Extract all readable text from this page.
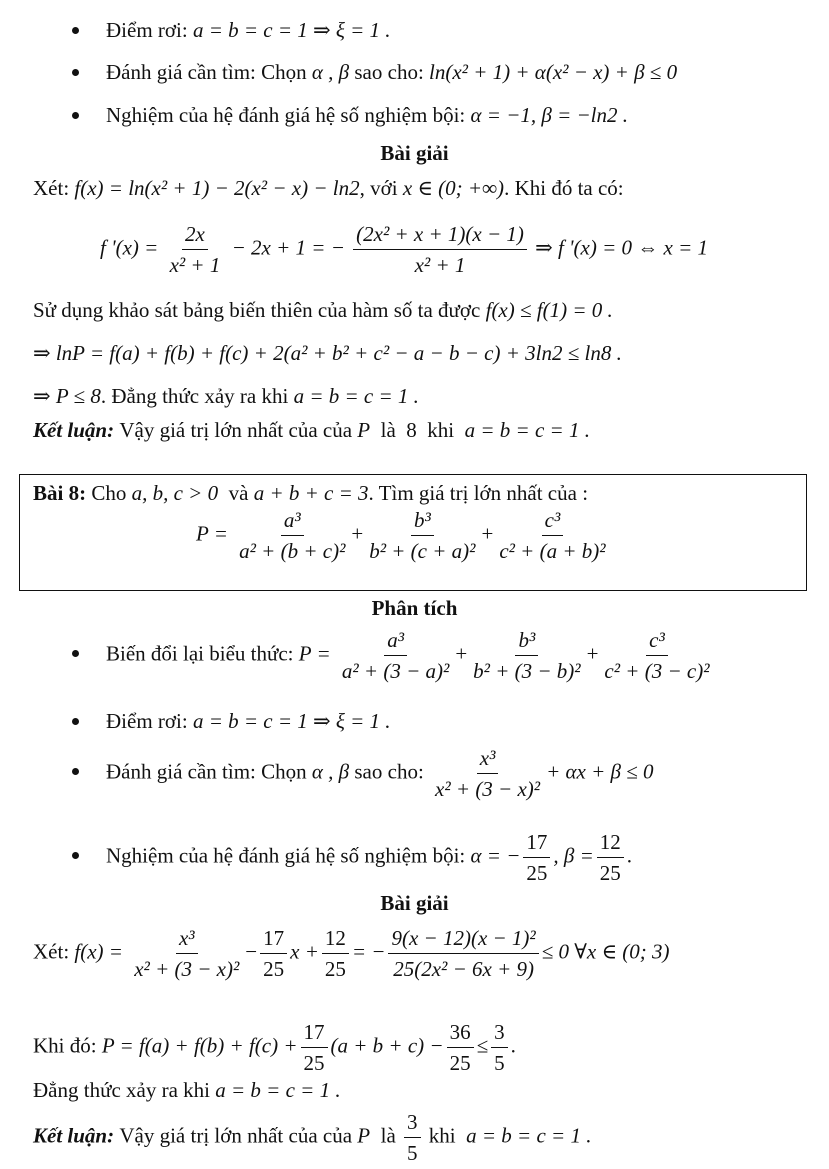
Điểm rơi: a = b = c = 1 ⇒ ξ = 1 .
Đánh giá cần tìm: Chọn α , β sao cho: ln(x² + 1) + α(x² − x) + β ≤ 0
Nghiệm của hệ đánh giá hệ số nghiệm bội: α = −1, β = −ln2 .
Bài giải
Xét: f(x) = ln(x² + 1) − 2(x² − x) − ln2, với x ∈ (0; +∞). Khi đó ta có:
f '$(x) = \frac{2x}{\text{x² + 1}} - 2x + 1$ = − $\frac{\text{(2x² + x + 1)(x − 1)}}{\text{x² + 1}}$ ⇒ f '(x) = 0 ⇔ x = 1
Sử dụng khảo sát bảng biến thiên của hàm số ta được f(x) ≤ f(1) = 0 .
⇒ lnP = f(a) + f(b) + f(c) + 2(a² + b² + c² − a − b − c) + 3ln2 ≤ ln8 .
⇒ P ≤ 8. Đẳng thức xảy ra khi a = b = c = 1 .
Kết luận: Vậy giá trị lớn nhất của của P là 8 khi a = b = c = 1 .
Bài 8: Cho a, b, c > 0 và a + b + c = 3. Tìm giá trị lớn nhất của :
$P = \frac{\text{a³}}{\text{a² + (b + c)²}} + \frac{\text{b³}}{\text{b² + (c + a)²}} + \frac{\text{c³}}{\text{c² + (a + b)²}}$
Phân tích
Biến đổi lại biểu thức: $P = \frac{\text{a³}}{\text{a² + (3 − a)²}} + \frac{\text{b³}}{\text{b² + (3 − b)²}} + \frac{\text{c³}}{\text{c² + (3 − c)²}}$
Điểm rơi: a = b = c = 1 ⇒ ξ = 1 .
Đánh giá cần tìm: Chọn α , β sao cho: $\frac{\text{x³}}{\text{x² + (3 − x)²}} + \alpha x + \beta \le 0$
Nghiệm của hệ đánh giá hệ số nghiệm bội: α = − $\frac{17}{25}$ , $\beta = \frac{12}{25}$ .
Bài giải
Xét: $f(x) = \frac{\text{x³}}{\text{x² + (3 − x)²}} - \frac{17}{25}$ $x + \frac{12}{25}$ = − $\frac{\text{9(x − 12)(x − 1)²}}{\text{25(2x² − 6x + 9)}} \le 0$ ∀x ∈ (0; 3)
Khi đó: $P = f(a) + f(b) + f(c) + \frac{17}{25} (a + b + c) - \frac{36}{25} \le \frac{3}{5}$ .
Đẳng thức xảy ra khi a = b = c = 1 .
Kết luận: Vậy giá trị lớn nhất của của P là $\frac{3}{5}$ khi a = b = c = 1 .
